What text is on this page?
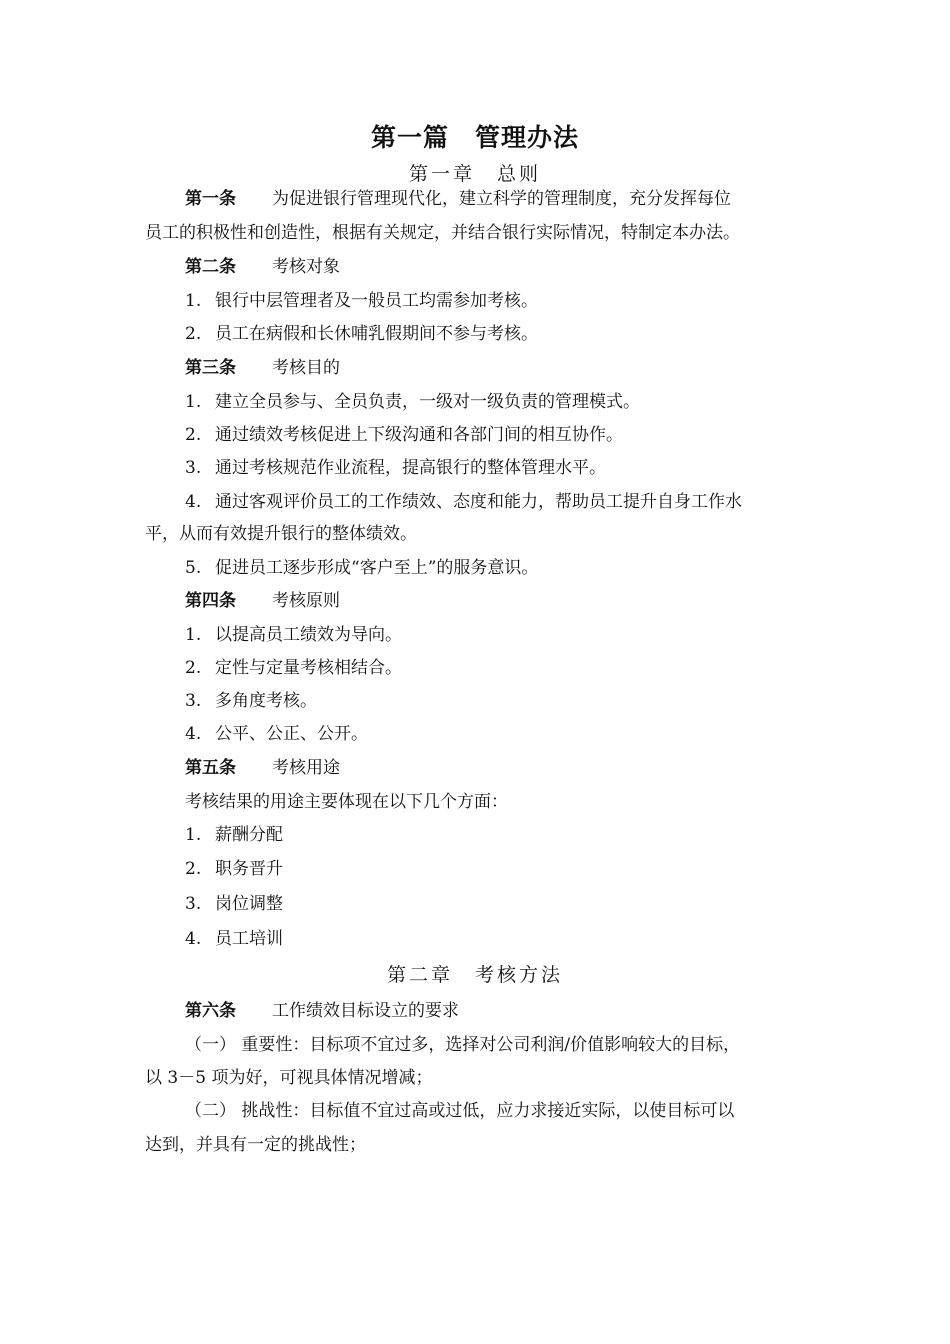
第一篇　管理办法
第一章　总则
第一条 为促进银行管理现代化，建立科学的管理制度，充分发挥每位
员工的积极性和创造性，根据有关规定，并结合银行实际情况，特制定本办法。
第二条 考核对象
1. 银行中层管理者及一般员工均需参加考核。
2. 员工在病假和长休哺乳假期间不参与考核。
第三条 考核目的
1. 建立全员参与、全员负责，一级对一级负责的管理模式。
2. 通过绩效考核促进上下级沟通和各部门间的相互协作。
3. 通过考核规范作业流程，提高银行的整体管理水平。
4. 通过客观评价员工的工作绩效、态度和能力，帮助员工提升自身工作水
平，从而有效提升银行的整体绩效。
5. 促进员工逐步形成“客户至上”的服务意识。
第四条 考核原则
1. 以提高员工绩效为导向。
2. 定性与定量考核相结合。
3. 多角度考核。
4. 公平、公正、公开。
第五条 考核用途
考核结果的用途主要体现在以下几个方面：
1. 薪酬分配
2. 职务晋升
3. 岗位调整
4. 员工培训
第二章　考核方法
第六条 工作绩效目标设立的要求
（一） 重要性：目标项不宜过多，选择对公司利润/价值影响较大的目标，
以 3－5 项为好，可视具体情况增减；
（二） 挑战性：目标值不宜过高或过低，应力求接近实际，以使目标可以
达到，并具有一定的挑战性；
